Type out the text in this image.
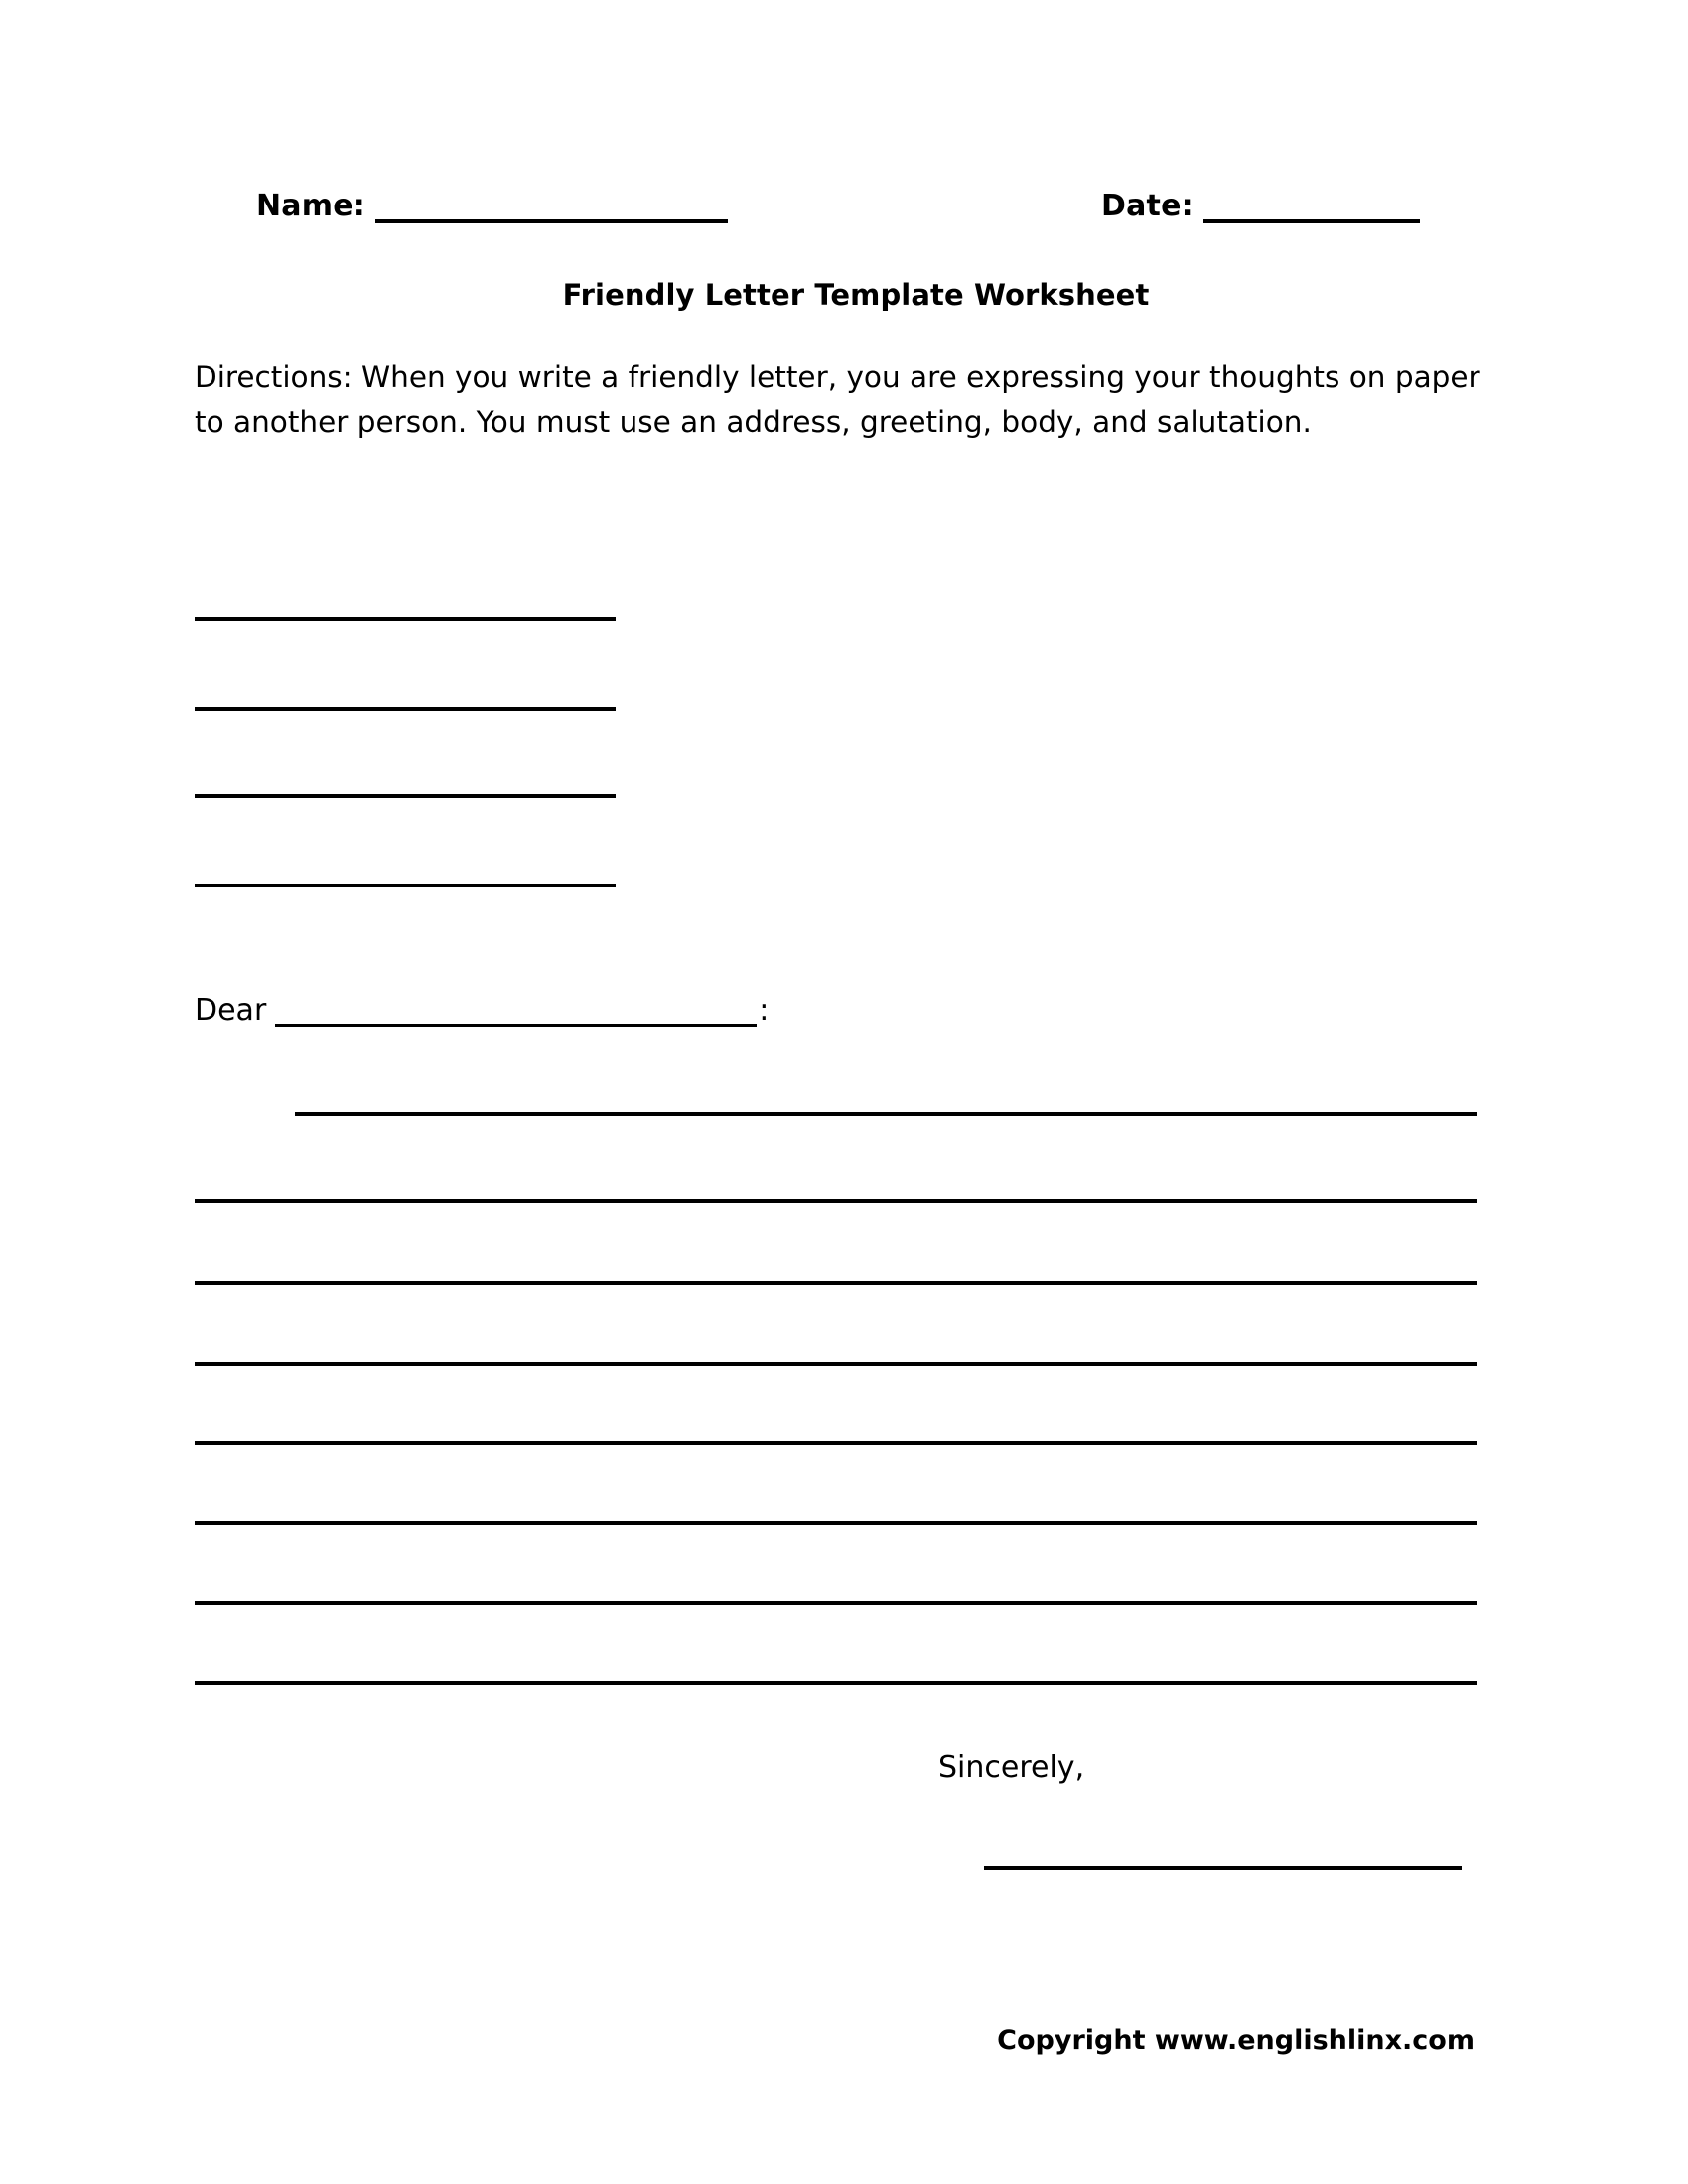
Name:	Date:
Friendly Letter Template Worksheet
Directions: When you write a friendly letter, you are expressing your thoughts on paper to another person. You must use an address, greeting, body, and salutation.
Dear	:
Sincerely,
Copyright www.englishlinx.com
